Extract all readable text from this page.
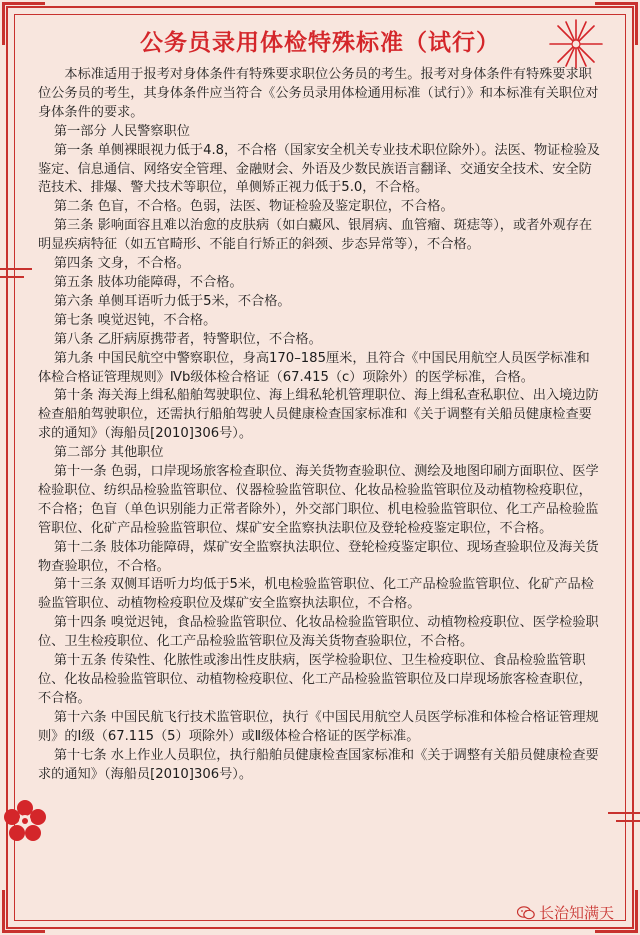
公务员录用体检特殊标准（试行）

本标准适用于报考对身体条件有特殊要求职位公务员的考生。报考对身体条件有特殊要求职位公务员的考生，其身体条件应当符合《公务员录用体检通用标准（试行）》和本标准有关职位对身体条件的要求。

第一部分 人民警察职位

第一条 单侧裸眼视力低于4.8，不合格（国家安全机关专业技术职位除外）。法医、物证检验及鉴定、信息通信、网络安全管理、金融财会、外语及少数民族语言翻译、交通安全技术、安全防范技术、排爆、警犬技术等职位，单侧矫正视力低于5.0，不合格。

第二条 色盲，不合格。色弱，法医、物证检验及鉴定职位，不合格。

第三条 影响面容且难以治愈的皮肤病（如白癜风、银屑病、血管瘤、斑痣等），或者外观存在明显疾病特征（如五官畸形、不能自行矫正的斜颈、步态异常等），不合格。

第四条 文身，不合格。

第五条 肢体功能障碍，不合格。

第六条 单侧耳语听力低于5米，不合格。

第七条 嗅觉迟钝，不合格。

第八条 乙肝病原携带者，特警职位，不合格。

第九条 中国民航空中警察职位，身高170–185厘米，且符合《中国民用航空人员医学标准和体检合格证管理规则》Ⅳb级体检合格证（67.415（c）项除外）的医学标准，合格。

第十条 海关海上缉私船舶驾驶职位、海上缉私轮机管理职位、海上缉私查私职位、出入境边防检查船舶驾驶职位，还需执行船舶驾驶人员健康检查国家标准和《关于调整有关船员健康检查要求的通知》（海船员[2010]306号）。

第二部分 其他职位

第十一条 色弱，口岸现场旅客检查职位、海关货物查验职位、测绘及地图印刷方面职位、医学检验职位、纺织品检验监管职位、仪器检验监管职位、化妆品检验监管职位及动植物检疫职位，不合格；色盲（单色识别能力正常者除外），外交部门职位、机电检验监管职位、化工产品检验监管职位、化矿产品检验监管职位、煤矿安全监察执法职位及登轮检疫鉴定职位，不合格。

第十二条 肢体功能障碍，煤矿安全监察执法职位、登轮检疫鉴定职位、现场查验职位及海关货物查验职位，不合格。

第十三条 双侧耳语听力均低于5米，机电检验监管职位、化工产品检验监管职位、化矿产品检验监管职位、动植物检疫职位及煤矿安全监察执法职位，不合格。

第十四条 嗅觉迟钝，食品检验监管职位、化妆品检验监管职位、动植物检疫职位、医学检验职位、卫生检疫职位、化工产品检验监管职位及海关货物查验职位，不合格。

第十五条 传染性、化脓性或渗出性皮肤病，医学检验职位、卫生检疫职位、食品检验监管职位、化妆品检验监管职位、动植物检疫职位、化工产品检验监管职位及口岸现场旅客检查职位，不合格。

第十六条 中国民航飞行技术监管职位，执行《中国民用航空人员医学标准和体检合格证管理规则》的Ⅰ级（67.115（5）项除外）或Ⅱ级体检合格证的医学标准。

第十七条 水上作业人员职位，执行船舶员健康检查国家标准和《关于调整有关船员健康检查要求的通知》（海船员[2010]306号）。

长治知满天
